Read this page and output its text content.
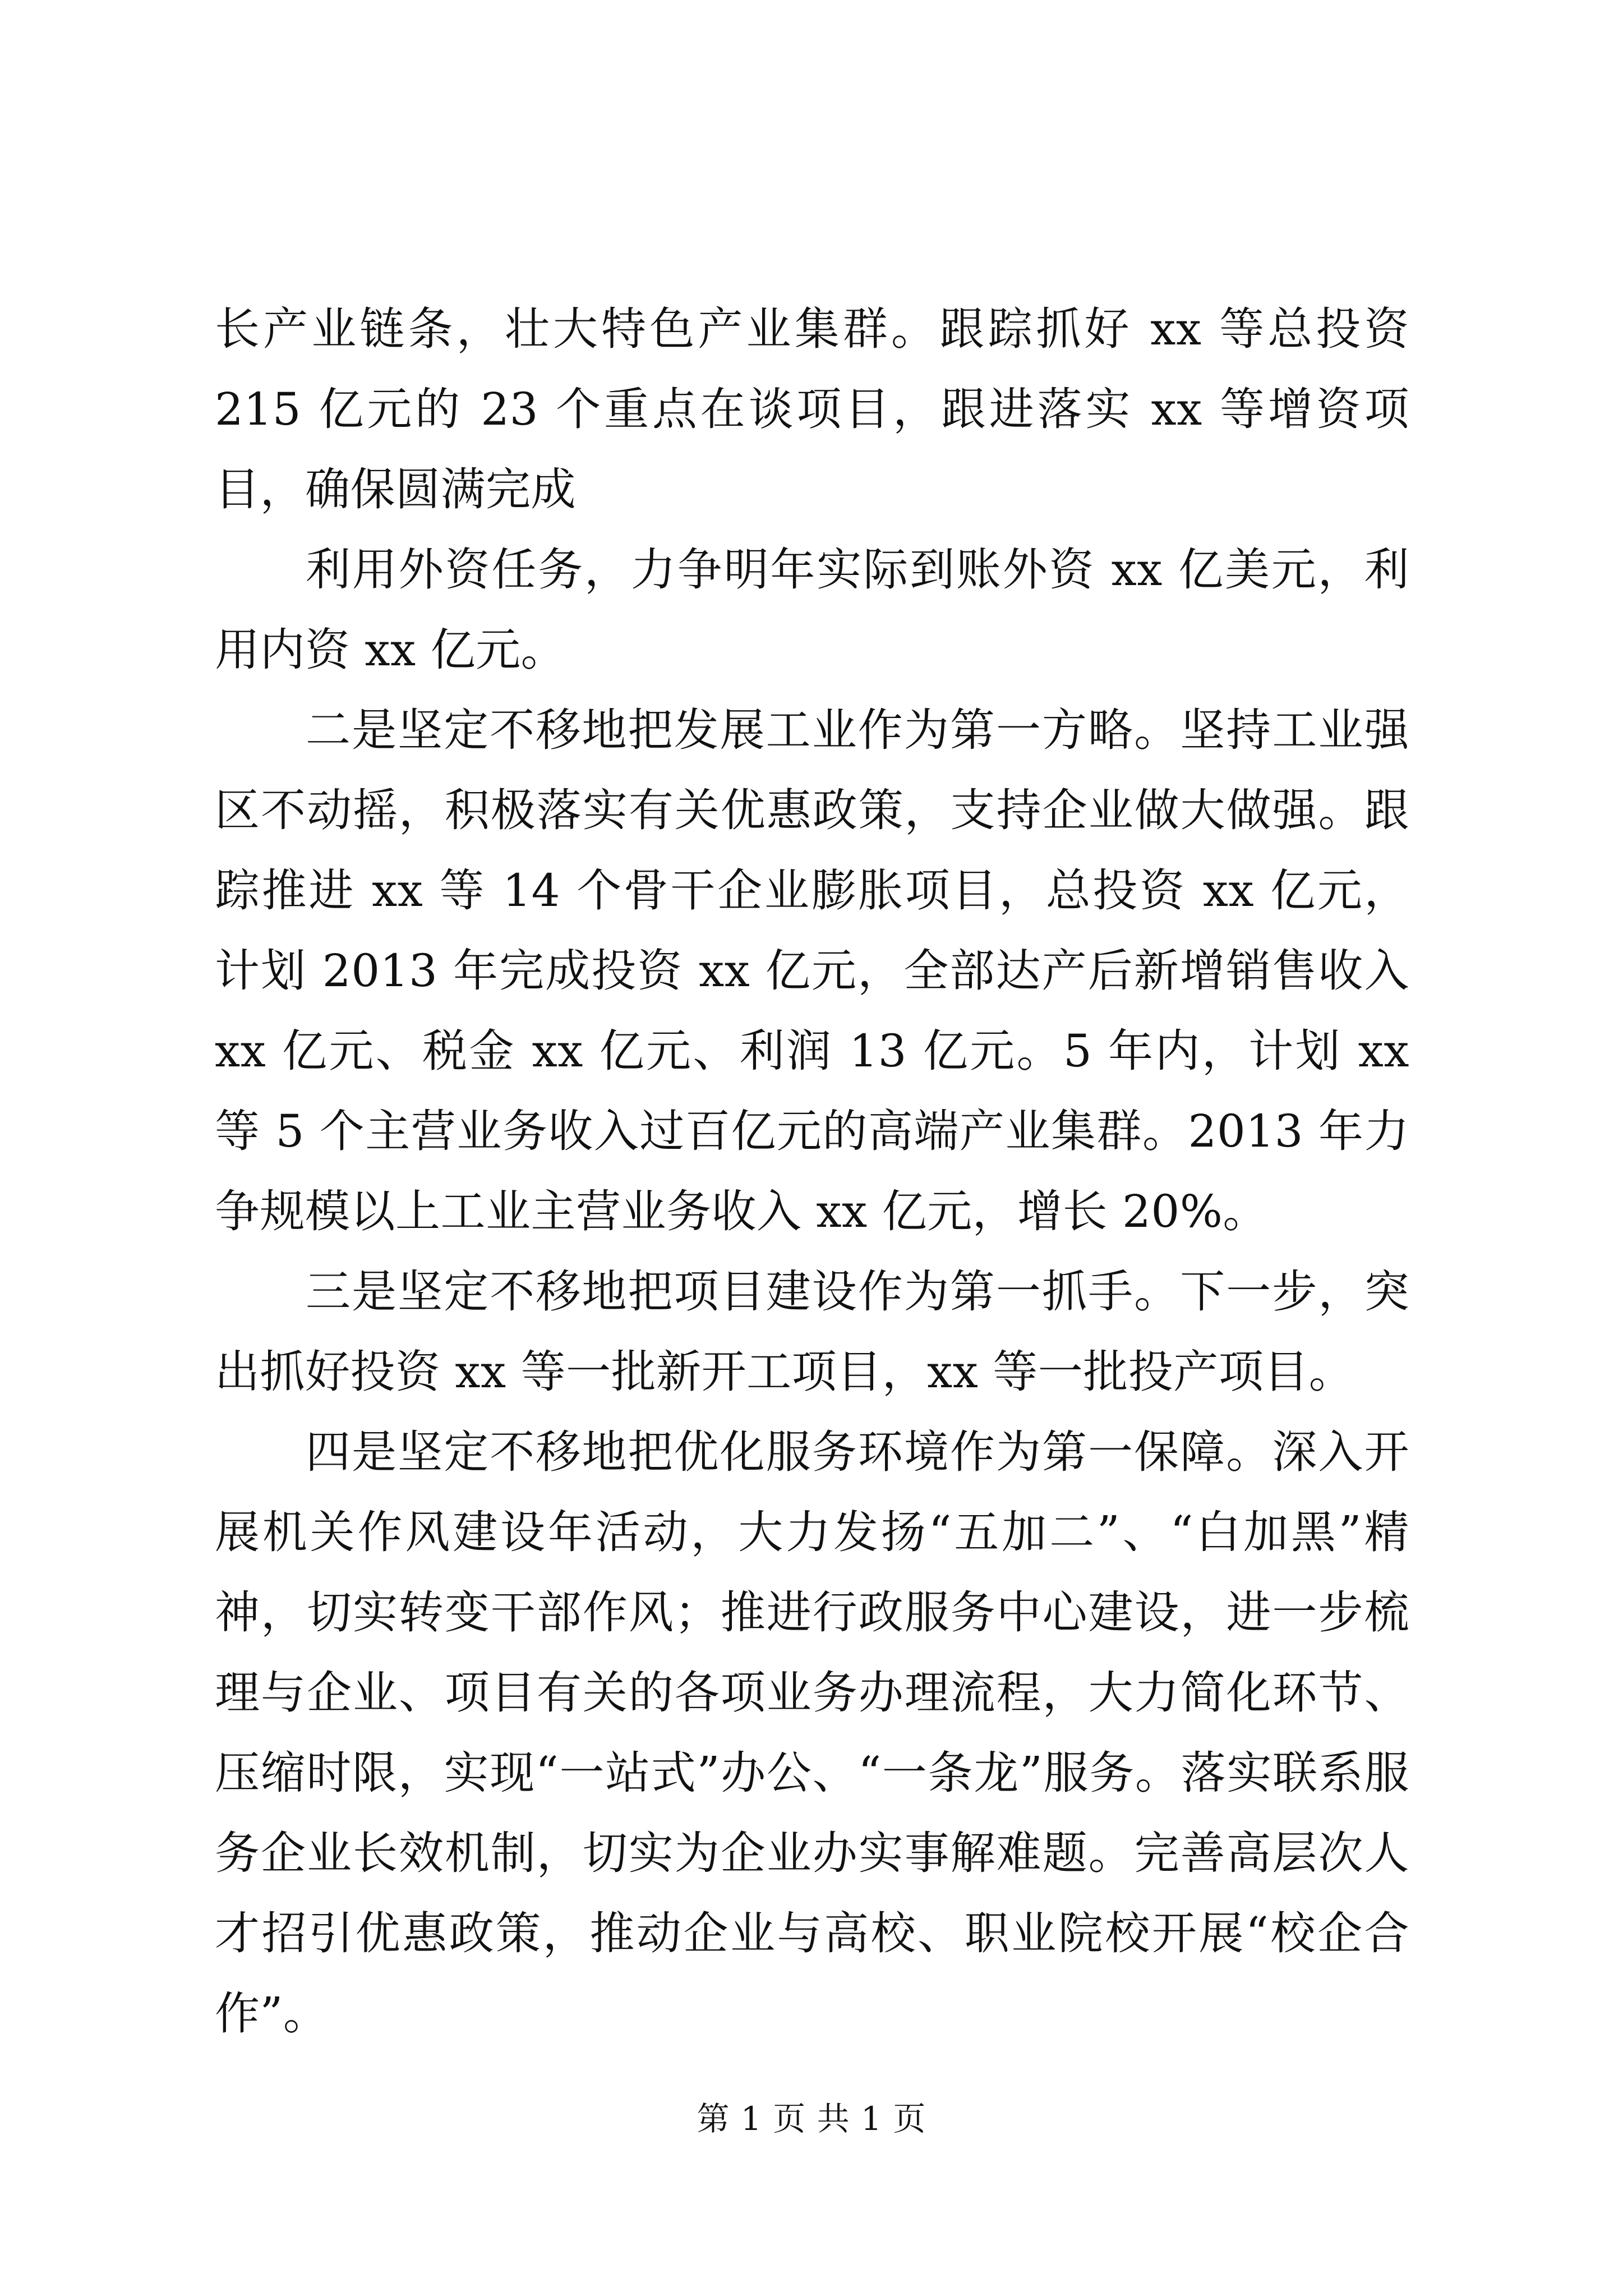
长产业链条，壮大特色产业集群。跟踪抓好 xx 等总投资 215 亿元的 23 个重点在谈项目，跟进落实 xx 等增资项目，确保圆满完成

利用外资任务，力争明年实际到账外资 xx 亿美元，利用内资 xx 亿元。

二是坚定不移地把发展工业作为第一方略。坚持工业强区不动摇，积极落实有关优惠政策，支持企业做大做强。跟踪推进 xx 等 14 个骨干企业膨胀项目，总投资 xx 亿元，计划 2013 年完成投资 xx 亿元，全部达产后新增销售收入 xx 亿元、税金 xx 亿元、利润 13 亿元。5 年内，计划 xx 等 5 个主营业务收入过百亿元的高端产业集群。2013 年力争规模以上工业主营业务收入 xx 亿元，增长 20%。

三是坚定不移地把项目建设作为第一抓手。下一步，突出抓好投资 xx 等一批新开工项目，xx 等一批投产项目。

四是坚定不移地把优化服务环境作为第一保障。深入开展机关作风建设年活动，大力发扬“五加二”、“白加黑”精神，切实转变干部作风；推进行政服务中心建设，进一步梳理与企业、项目有关的各项业务办理流程，大力简化环节、压缩时限，实现“一站式”办公、“一条龙”服务。落实联系服务企业长效机制，切实为企业办实事解难题。完善高层次人才招引优惠政策，推动企业与高校、职业院校开展“校企合作”。

第 1 页 共 1 页
